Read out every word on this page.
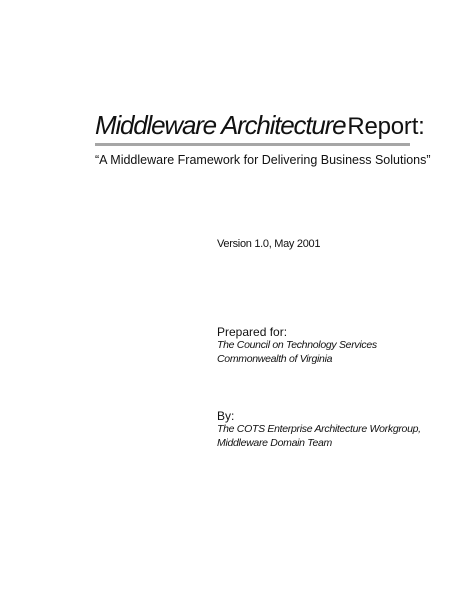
Middleware ArchitectureReport:
“A Middleware Framework for Delivering Business Solutions”
Version 1.0, May 2001
Prepared for:
The Council on Technology Services
Commonwealth of Virginia
By:
The COTS Enterprise Architecture Workgroup,
Middleware Domain Team
